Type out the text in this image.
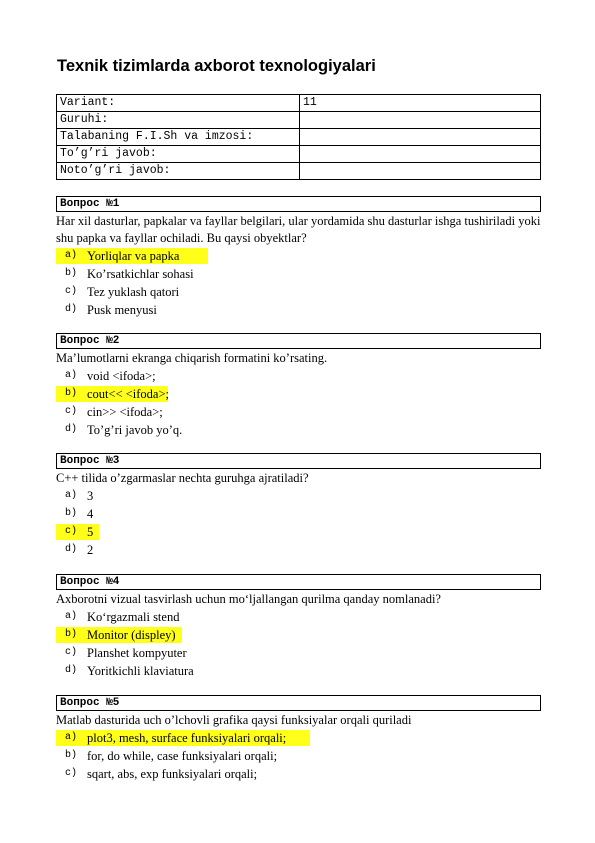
Texnik tizimlarda axborot texnologiyalari
Variant:	11
Guruhi:	
Talabaning F.I.Sh va imzosi:	
To’g’ri javob:	
Noto’g’ri javob:	
Вопрос №1
Har xil dasturlar, papkalar va fayllar belgilari, ular yordamida shu dasturlar ishga tushiriladi yoki shu papka va fayllar ochiladi. Bu qaysi obyektlar?
a) Yorliqlar va papka
b) Ko’rsatkichlar sohasi
c) Tez yuklash qatori
d) Pusk menyusi
Вопрос №2
Ma’lumotlarni ekranga chiqarish formatini ko’rsating.
a) void <ifoda>;
b) cout<< <ifoda>;
c) cin>> <ifoda>;
d) To’g’ri javob yo’q.
Вопрос №3
C++ tilida o’zgarmaslar nechta guruhga ajratiladi?
a) 3
b) 4
c) 5
d) 2
Вопрос №4
Axborotni vizual tasvirlash uchun mo‘ljallangan qurilma qanday nomlanadi?
a) Ko‘rgazmali stend
b) Monitor (displey)
c) Planshet kompyuter
d) Yoritkichli klaviatura
Вопрос №5
Matlab dasturida uch o’lchovli grafika qaysi funksiyalar orqali quriladi
a) plot3, mesh, surface funksiyalari orqali;
b) for, do while, case funksiyalari orqali;
c) sqart, abs, exp funksiyalari orqali;
